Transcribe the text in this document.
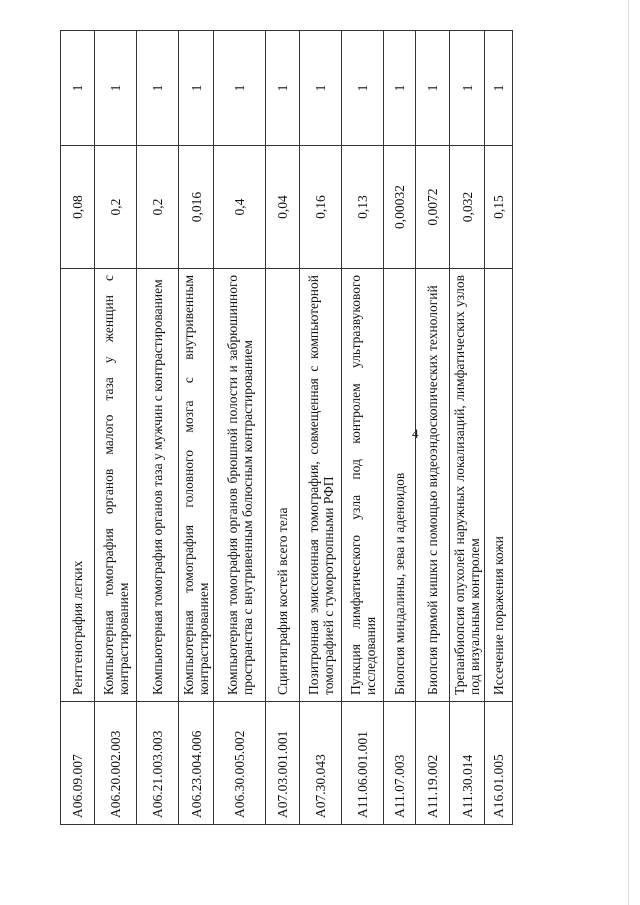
4
A06.09.007	Рентгенография легких	0,08	1
A06.20.002.003	Компьютерная томография органов малого таза у женщин с контрастированием	0,2	1
A06.21.003.003	Компьютерная томография органов таза у мужчин с контрастированием	0,2	1
A06.23.004.006	Компьютерная томография головного мозга с внутривенным контрастированием	0,016	1
A06.30.005.002	Компьютерная томография органов брюшной полости и забрюшинного пространства с внутривенным болюсным контрастированием	0,4	1
A07.03.001.001	Сцинтиграфия костей всего тела	0,04	1
A07.30.043	Позитронная эмиссионная томография, совмещенная с компьютерной томографией с туморотропными РФП	0,16	1
A11.06.001.001	Пункция лимфатического узла под контролем ультразвукового исследования	0,13	1
A11.07.003	Биопсия миндалины, зева и аденоидов	0,00032	1
A11.19.002	Биопсия прямой кишки с помощью видеоэндоскопических технологий	0,0072	1
A11.30.014	Трепанбиопсия опухолей наружных локализаций, лимфатических узлов под визуальным контролем	0,032	1
A16.01.005	Иссечение поражения кожи	0,15	1
